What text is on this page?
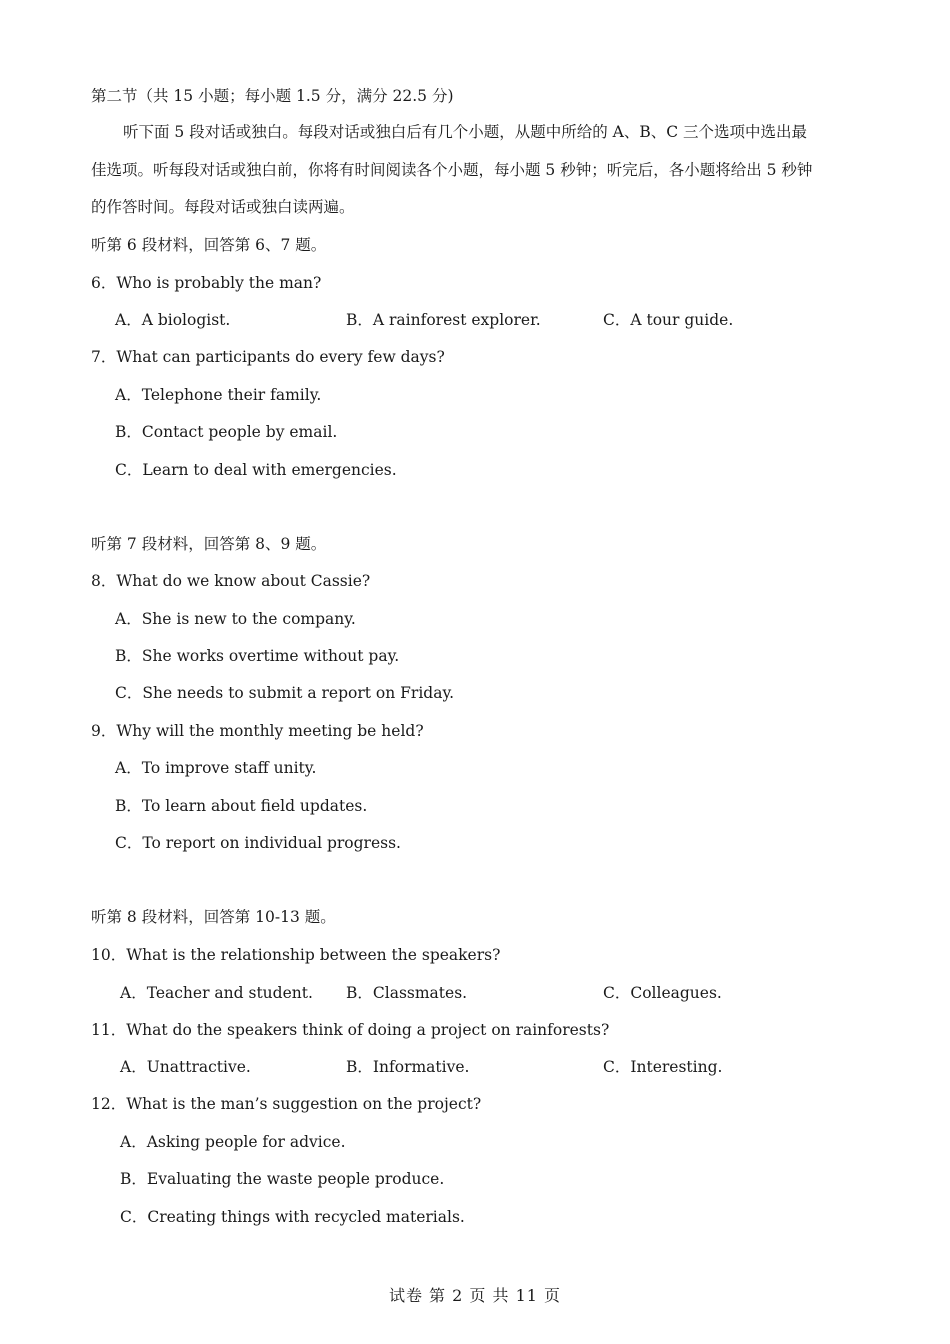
第二节（共 15 小题；每小题 1.5 分，满分 22.5 分)
听下面 5 段对话或独白。每段对话或独白后有几个小题，从题中所给的 A、B、C 三个选项中选出最
佳选项。听每段对话或独白前，你将有时间阅读各个小题，每小题 5 秒钟；听完后，各小题将给出 5 秒钟
的作答时间。每段对话或独白读两遍。
听第 6 段材料，回答第 6、7 题。
6．Who is probably the man?
A．A biologist.	B．A rainforest explorer.	C．A tour guide.
7．What can participants do every few days?
A．Telephone their family.
B．Contact people by email.
C．Learn to deal with emergencies.
听第 7 段材料，回答第 8、9 题。
8．What do we know about Cassie?
A．She is new to the company.
B．She works overtime without pay.
C．She needs to submit a report on Friday.
9．Why will the monthly meeting be held?
A．To improve staff unity.
B．To learn about field updates.
C．To report on individual progress.
听第 8 段材料，回答第 10-13 题。
10．What is the relationship between the speakers?
A．Teacher and student. B．Classmates.	C．Colleagues.
11．What do the speakers think of doing a project on rainforests?
A．Unattractive.	B．Informative.	C．Interesting.
12．What is the man’s suggestion on the project?
A．Asking people for advice.
B．Evaluating the waste people produce.
C．Creating things with recycled materials.
试卷 第 2 页 共 11 页
